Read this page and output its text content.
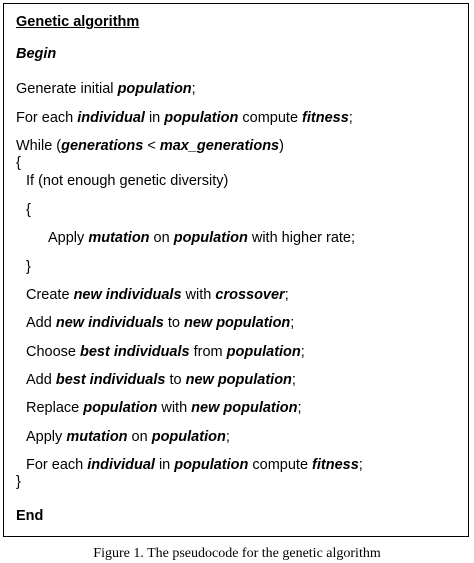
Genetic algorithm
Begin
Generate initial population;
For each individual in population compute fitness;
While (generations < max_generations)
{
If (not enough genetic diversity)
{
Apply mutation on population with higher rate;
}
Create new individuals with crossover;
Add new individuals to new population;
Choose best individuals from population;
Add best individuals to new population;
Replace population with new population;
Apply mutation on population;
For each individual in population compute fitness;
}
End
Figure 1. The pseudocode for the genetic algorithm
